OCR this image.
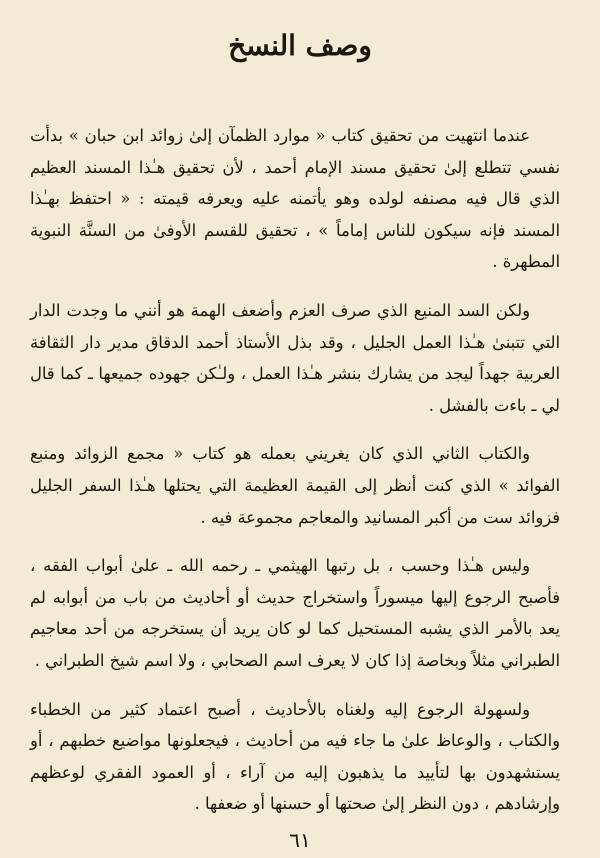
وصف النسخ

عندما انتهيت من تحقيق كتاب « موارد الظمآن إلىٰ زوائد ابن حبان » بدأت نفسي تتطلع إلىٰ تحقيق مسند الإمام أحمد ، لأن تحقيق هـٰذا المسند العظيم الذي قال فيه مصنفه لولده وهو يأتمنه عليه ويعرفه قيمته : « احتفظ بهـٰذا المسند فإنه سيكون للناس إماماً » ، تحقيق للقسم الأوفىٰ من السنَّة النبوية المطهرة .

ولكن السد المنيع الذي صرف العزم وأضعف الهمة هو أنني ما وجدت الدار التي تتبنىٰ هـٰذا العمل الجليل ، وقد بذل الأستاذ أحمد الدقاق مدير دار الثقافة العربية جهداً ليجد من يشارك بنشر هـٰذا العمل ، ولـٰكن جهوده جميعها ـ كما قال لي ـ باءت بالفشل .

والكتاب الثاني الذي كان يغريني بعمله هو كتاب « مجمع الزوائد ومنبع الفوائد » الذي كنت أنظر إلى القيمة العظيمة التي يحتلها هـٰذا السفر الجليل فزوائد ست من أكبر المسانيد والمعاجم مجموعة فيه .

وليس هـٰذا وحسب ، بل رتبها الهيثمي ـ رحمه الله ـ علىٰ أبواب الفقه ، فأصبح الرجوع إليها ميسوراً واستخراج حديث أو أحاديث من باب من أبوابه لم يعد بالأمر الذي يشبه المستحيل كما لو كان يريد أن يستخرجه من أحد معاجيم الطبراني مثلاً وبخاصة إذا كان لا يعرف اسم الصحابي ، ولا اسم شيخ الطبراني .

ولسهولة الرجوع إليه ولغناه بالأحاديث ، أصبح اعتماد كثير من الخطباء والكتاب ، والوعاظ علىٰ ما جاء فيه من أحاديث ، فيجعلونها مواضيع خطبهم ، أو يستشهدون بها لتأييد ما يذهبون إليه من آراء ، أو العمود الفقري لوعظهم وإرشادهم ، دون النظر إلىٰ صحتها أو حسنها أو ضعفها .

٦١
